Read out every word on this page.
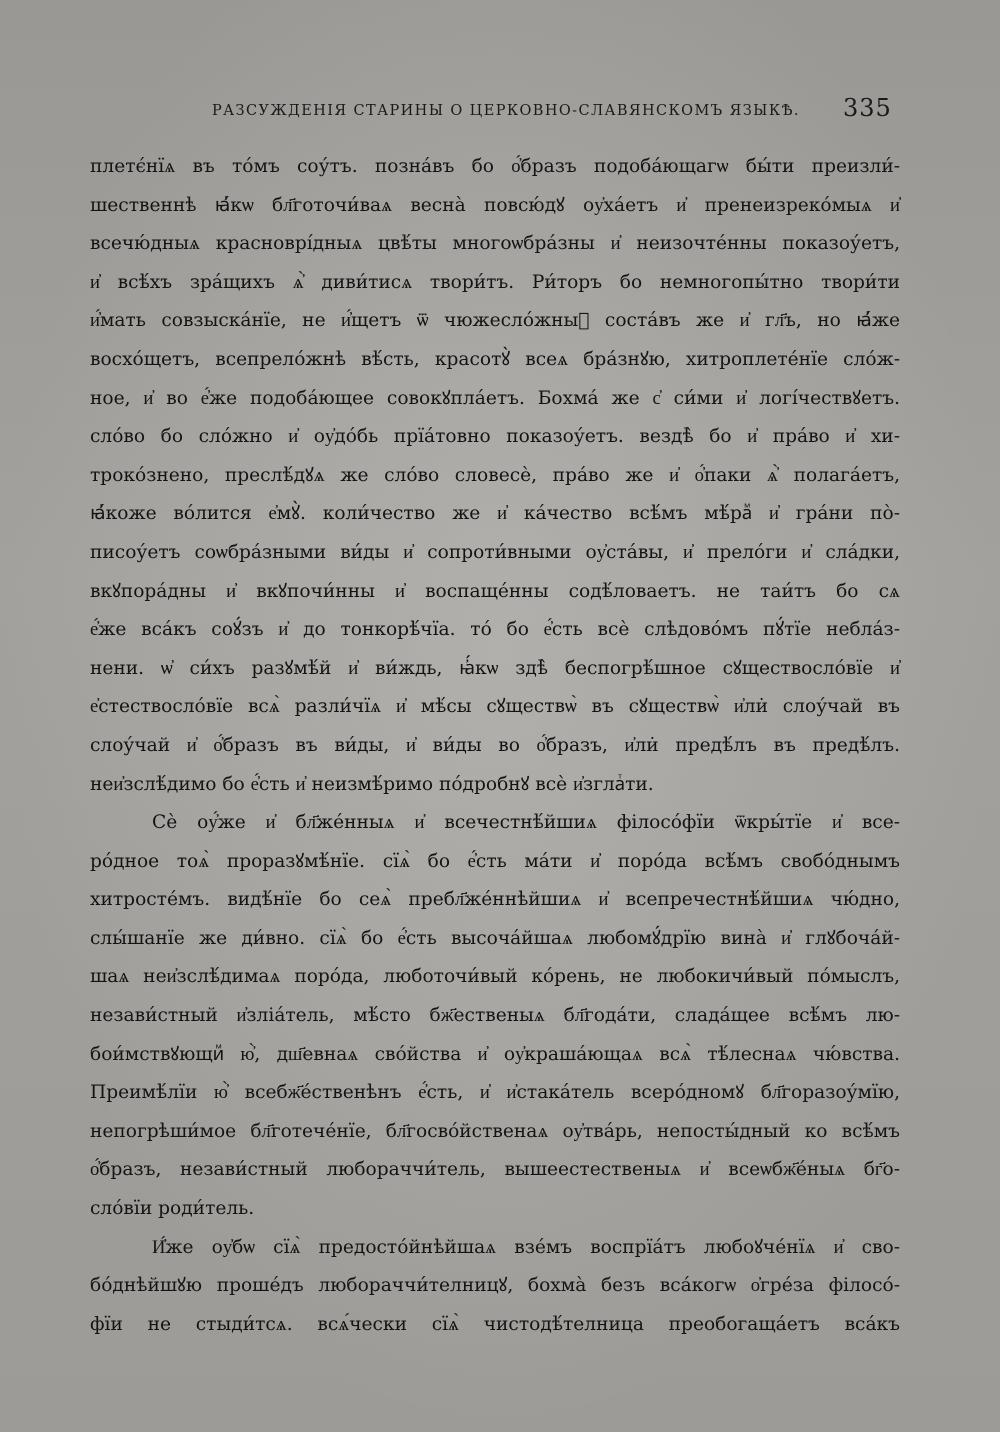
РАЗСУЖДЕНІЯ СТАРИНЫ О ЦЕРКОВНО-СЛАВЯНСКОМЪ ЯЗЫКѢ. 335
плетє́нїѧ въ то́мъ соу́тъ. позна́въ бо о҆́бразъ подоба́ющагѡ бы́ти преизли́-
шественнѣ ꙗ҆́кѡ бл҃готочи́ваѧ весна̀ повсю́дꙋ оу҆ха́етъ и҆ пренеизреко́мыѧ и҆
всечю́дныѧ красноврі́дныѧ цвѣ́ты многоѡбра́зны и҆ неизочте́нны показоу́етъ,
и҆ всѣ́хъ зра́щихъ ѧ҆̀ диви́тисѧ твори́тъ. Ри́торъ бо немногопы́тно твори́ти
и҆́мать совзыска́нїе, не и҆́щетъ ѿ чюжесло́жныⷯ соста́въ же и҆ гл҃ъ, но ꙗ҆́же
восхо́щетъ, всепрело́жнѣ вѣ́сть, красотꙋ̀ всеѧ бра́знꙋю, хитроплете́нїе сло́ж-
ное, и҆ во е҆́же подоба́ющее совокꙋпла́етъ. Бохма́ же с҆ си́ми и҆ логі́чествꙋетъ.
сло́во бо сло́жно и҆ оу҆до́бь прїа́товно показоу́етъ. вездѣ̀ бо и҆ пра́во и҆ хи-
троко́знено, преслѣ́дꙋѧ же сло́во словесѐ, пра́во же и҆ о҆́паки ѧ҆̀ полага́етъ,
ꙗ҆́коже во́лится е҆мꙋ̀. коли́чество же и҆ ка́чество всѣ́мъ мѣ́раⷨ и҆ гра́ни по̀-
писоу́етъ соѡбра́зными ви́ды и҆ сопроти́вными оу҆ста́вы, и҆ прело́ги и҆ сла́дки,
вкꙋпора́дны и҆ вкꙋпочи́нны и҆ воспаще́нны содѣ́ловаетъ. не таи́тъ бо сѧ
е҆́же вса́къ соꙋ́зъ и҆ до тонкорѣ́чїа. то́ бо е҆́сть всѐ слѣдово́мъ пꙋ́тїе небла́з-
нени. ѡ҆ си́хъ разꙋмѣ́й и҆ ви́ждь, ꙗ҆́кѡ здѣ̀ беспогрѣ́шное сꙋществосло́вїе и҆
е҆стествосло́вїе всѧ̀ разли́чїѧ и҆ мѣ́сы сꙋществѡ̀ въ сꙋществѡ̀ и҆ли̇ слоу́чай въ
слоу́чай и҆ о҆́бразъ въ ви́ды, и҆ ви́ды во о҆́бразъ, и҆ли̇ предѣ́лъ въ предѣ́лъ.
неи҆зслѣ́димо бо е҆́сть и҆ неизмѣ́римо по́дробнꙋ всѐ и҆зглаⷮти.
Сѐ оу҆́же и҆ бл҃же́нныѧ и҆ всечестнѣ́йшиѧ філосо́фїи ѿкры́тїе и҆ все-
ро́дное тоѧ̀ проразꙋмѣ́нїе. сїѧ̀ бо е҆́сть ма́ти и҆ поро́да всѣ́мъ свобо́днымъ
хитросте́мъ. видѣ́нїе бо сеѧ̀ пребл҃же́ннѣйшиѧ и҆ всепречестнѣ́йшиѧ чю́дно,
слы́шанїе же ди́вно. сїѧ̀ бо е҆́сть высоча́йшаѧ любомꙋ́дрїю вина̀ и҆ глꙋбоча́й-
шаѧ неи҆зслѣ́димаѧ поро́да, люботочи́вый ко́рень, не любокичи́вый по́мыслъ,
незави́стный и҆зліа́тель, мѣ́сто бж҃ественыѧ бл҃года́ти, слада́щее всѣ́мъ лю-
бои́мствꙋющиⷨ ю҆̀, дш҃евнаѧ сво́йства и҆ оу҆краша́ющаѧ всѧ̀ тѣ́леснаѧ чю́вства.
Преимѣ́лїи ю҆̀ всебж҃е́ственѣнъ е҆́сть, и҆ и҆стака́тель всеро́дномꙋ бл҃горазоу́мїю,
непогрѣши́мое бл҃готече́нїе, бл҃госво́йственаѧ оу҆тва́рь, непосты́дный ко всѣ́мъ
о҆́бразъ, незави́стный любораччи́тель, вышеестественыѧ и҆ всеѡбж҃е́ныѧ бг҃о-
сло́вїи роди́тель.
И҆́же оу҆бѡ сїѧ̀ предосто́йнѣйшаѧ взе́мъ воспрїа́тъ любоꙋче́нїѧ и҆ сво-
бо́днѣйшꙋю проше́дъ любораччи́телницꙋ, бохма̀ безъ вса́когѡ о҆гре́за філосо́-
фїи не стыди́тсѧ. всѧ́чески сїѧ̀ чистодѣ́телница преобогаща́етъ вса́къ
